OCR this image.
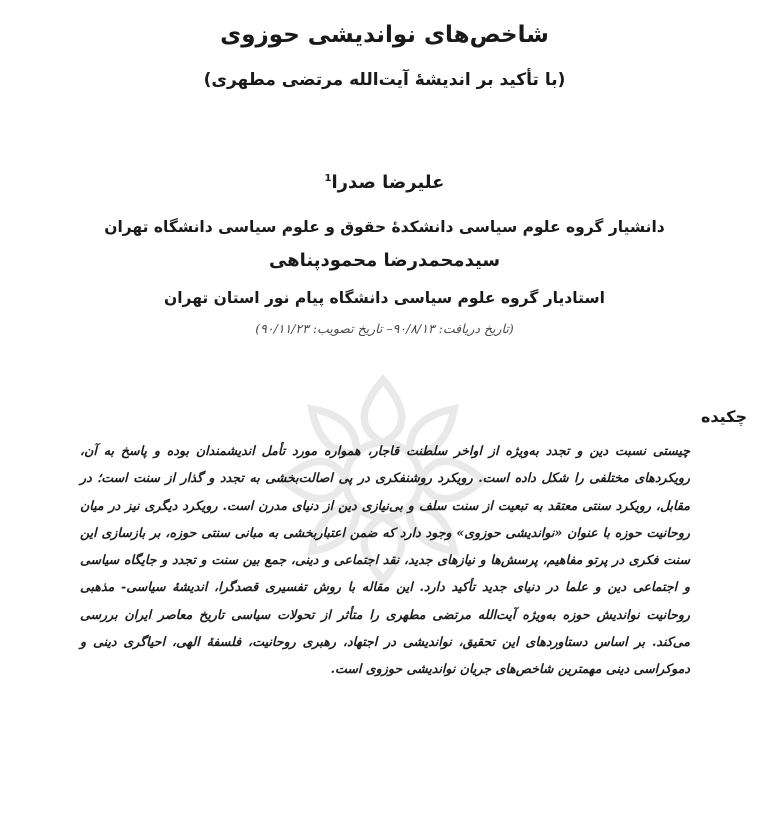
شاخص‌های نواندیشی حوزوی
(با تأکید بر اندیشۀ آیت‌الله مرتضی مطهری)
علیرضا صدرا$^1$
دانشیار گروه علوم سیاسی دانشکدۀ حقوق و علوم سیاسی دانشگاه تهران
سیدمحمدرضا محمودپناهی
استادیار گروه علوم سیاسی دانشگاه پیام نور استان تهران
(تاریخ دریافت: ۹۰/۸/۱۳– تاریخ تصویب: ۹۰/۱۱/۲۳)
چکیده
چیستی نسبت دین و تجدد به‌ویژه از اواخر سلطنت قاجار، همواره مورد تأمل اندیشمندان بوده و پاسخ به آن، رویکردهای مختلفی را شکل داده است. رویکرد روشنفکری در پی اصالت‌بخشی به تجدد و گذار از سنت است؛ در مقابل، رویکرد سنتی معتقد به تبعیت از سنت سلف و بی‌نیازی دین از دنیای مدرن است. رویکرد دیگری نیز در میان روحانیت حوزه با عنوان «نواندیشی حوزوی» وجود دارد که ضمن اعتباربخشی به مبانی سنتی حوزه، بر بازسازی این سنت فکری در پرتو مفاهیم، پرسش‌ها و نیازهای جدید، نقد اجتماعی و دینی، جمع بین سنت و تجدد و جایگاه سیاسی و اجتماعی دین و علما در دنیای جدید تأکید دارد. این مقاله با روش تفسیری قصدگرا، اندیشۀ سیاسی- مذهبی روحانیت نواندیش حوزه به‌ویژه آیت‌الله مرتضی مطهری را متأثر از تحولات سیاسی تاریخ معاصر ایران بررسی می‌کند. بر اساس دستاوردهای این تحقیق، نواندیشی در اجتهاد، رهبری روحانیت، فلسفۀ الهی، احیاگری دینی و دموکراسی دینی مهمترین شاخص‌های جریان نواندیشی حوزوی است.
